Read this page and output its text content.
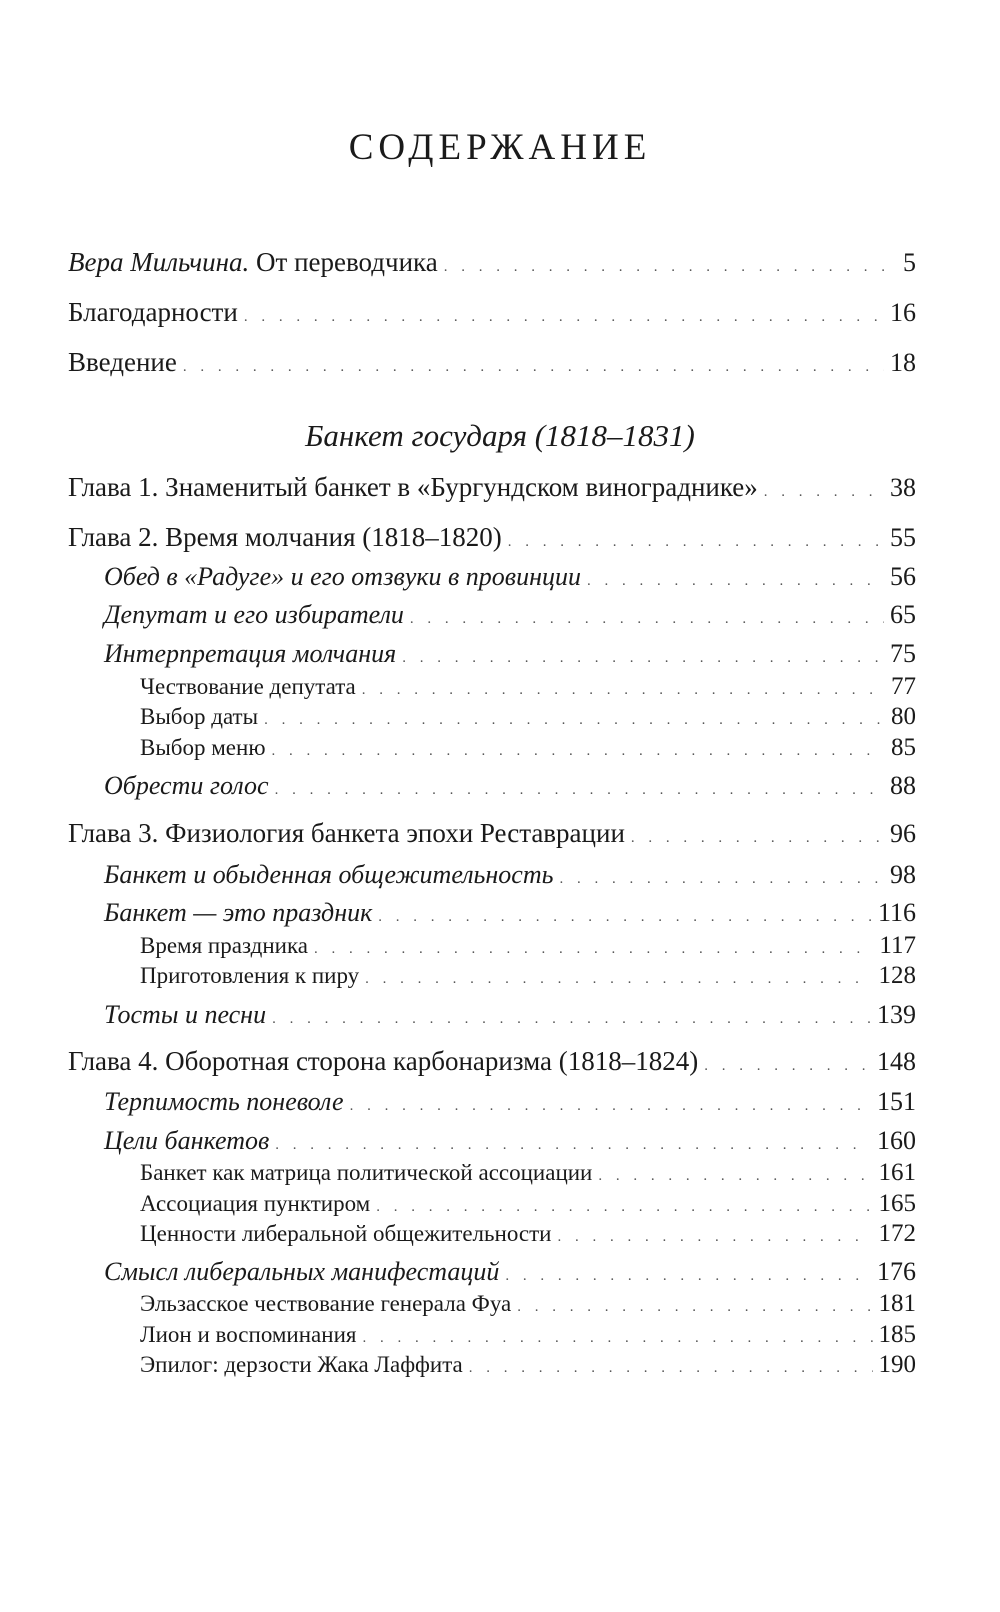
СОДЕРЖАНИЕ
Вера Мильчина. От переводчика . . .	5
Благодарности . . .	16
Введение . . .	18
Банкет государя (1818–1831)
Глава 1. Знаменитый банкет в «Бургундском винограднике» . . .	38
Глава 2. Время молчания (1818–1820) . . .	55
Обед в «Радуге» и его отзвуки в провинции . . .	56
Депутат и его избиратели . . .	65
Интерпретация молчания . . .	75
Чествование депутата . . .	77
Выбор даты . . .	80
Выбор меню . . .	85
Обрести голос . . .	88
Глава 3. Физиология банкета эпохи Реставрации . . .	96
Банкет и обыденная общежительность . . .	98
Банкет — это праздник . . .	116
Время праздника . . .	117
Приготовления к пиру . . .	128
Тосты и песни . . .	139
Глава 4. Оборотная сторона карбонаризма (1818–1824) . . .	148
Терпимость поневоле . . .	151
Цели банкетов . . .	160
Банкет как матрица политической ассоциации . . .	161
Ассоциация пунктиром . . .	165
Ценности либеральной общежительности . . .	172
Смысл либеральных манифестаций . . .	176
Эльзасское чествование генерала Фуа . . .	181
Лион и воспоминания . . .	185
Эпилог: дерзости Жака Лаффита . . .	190
